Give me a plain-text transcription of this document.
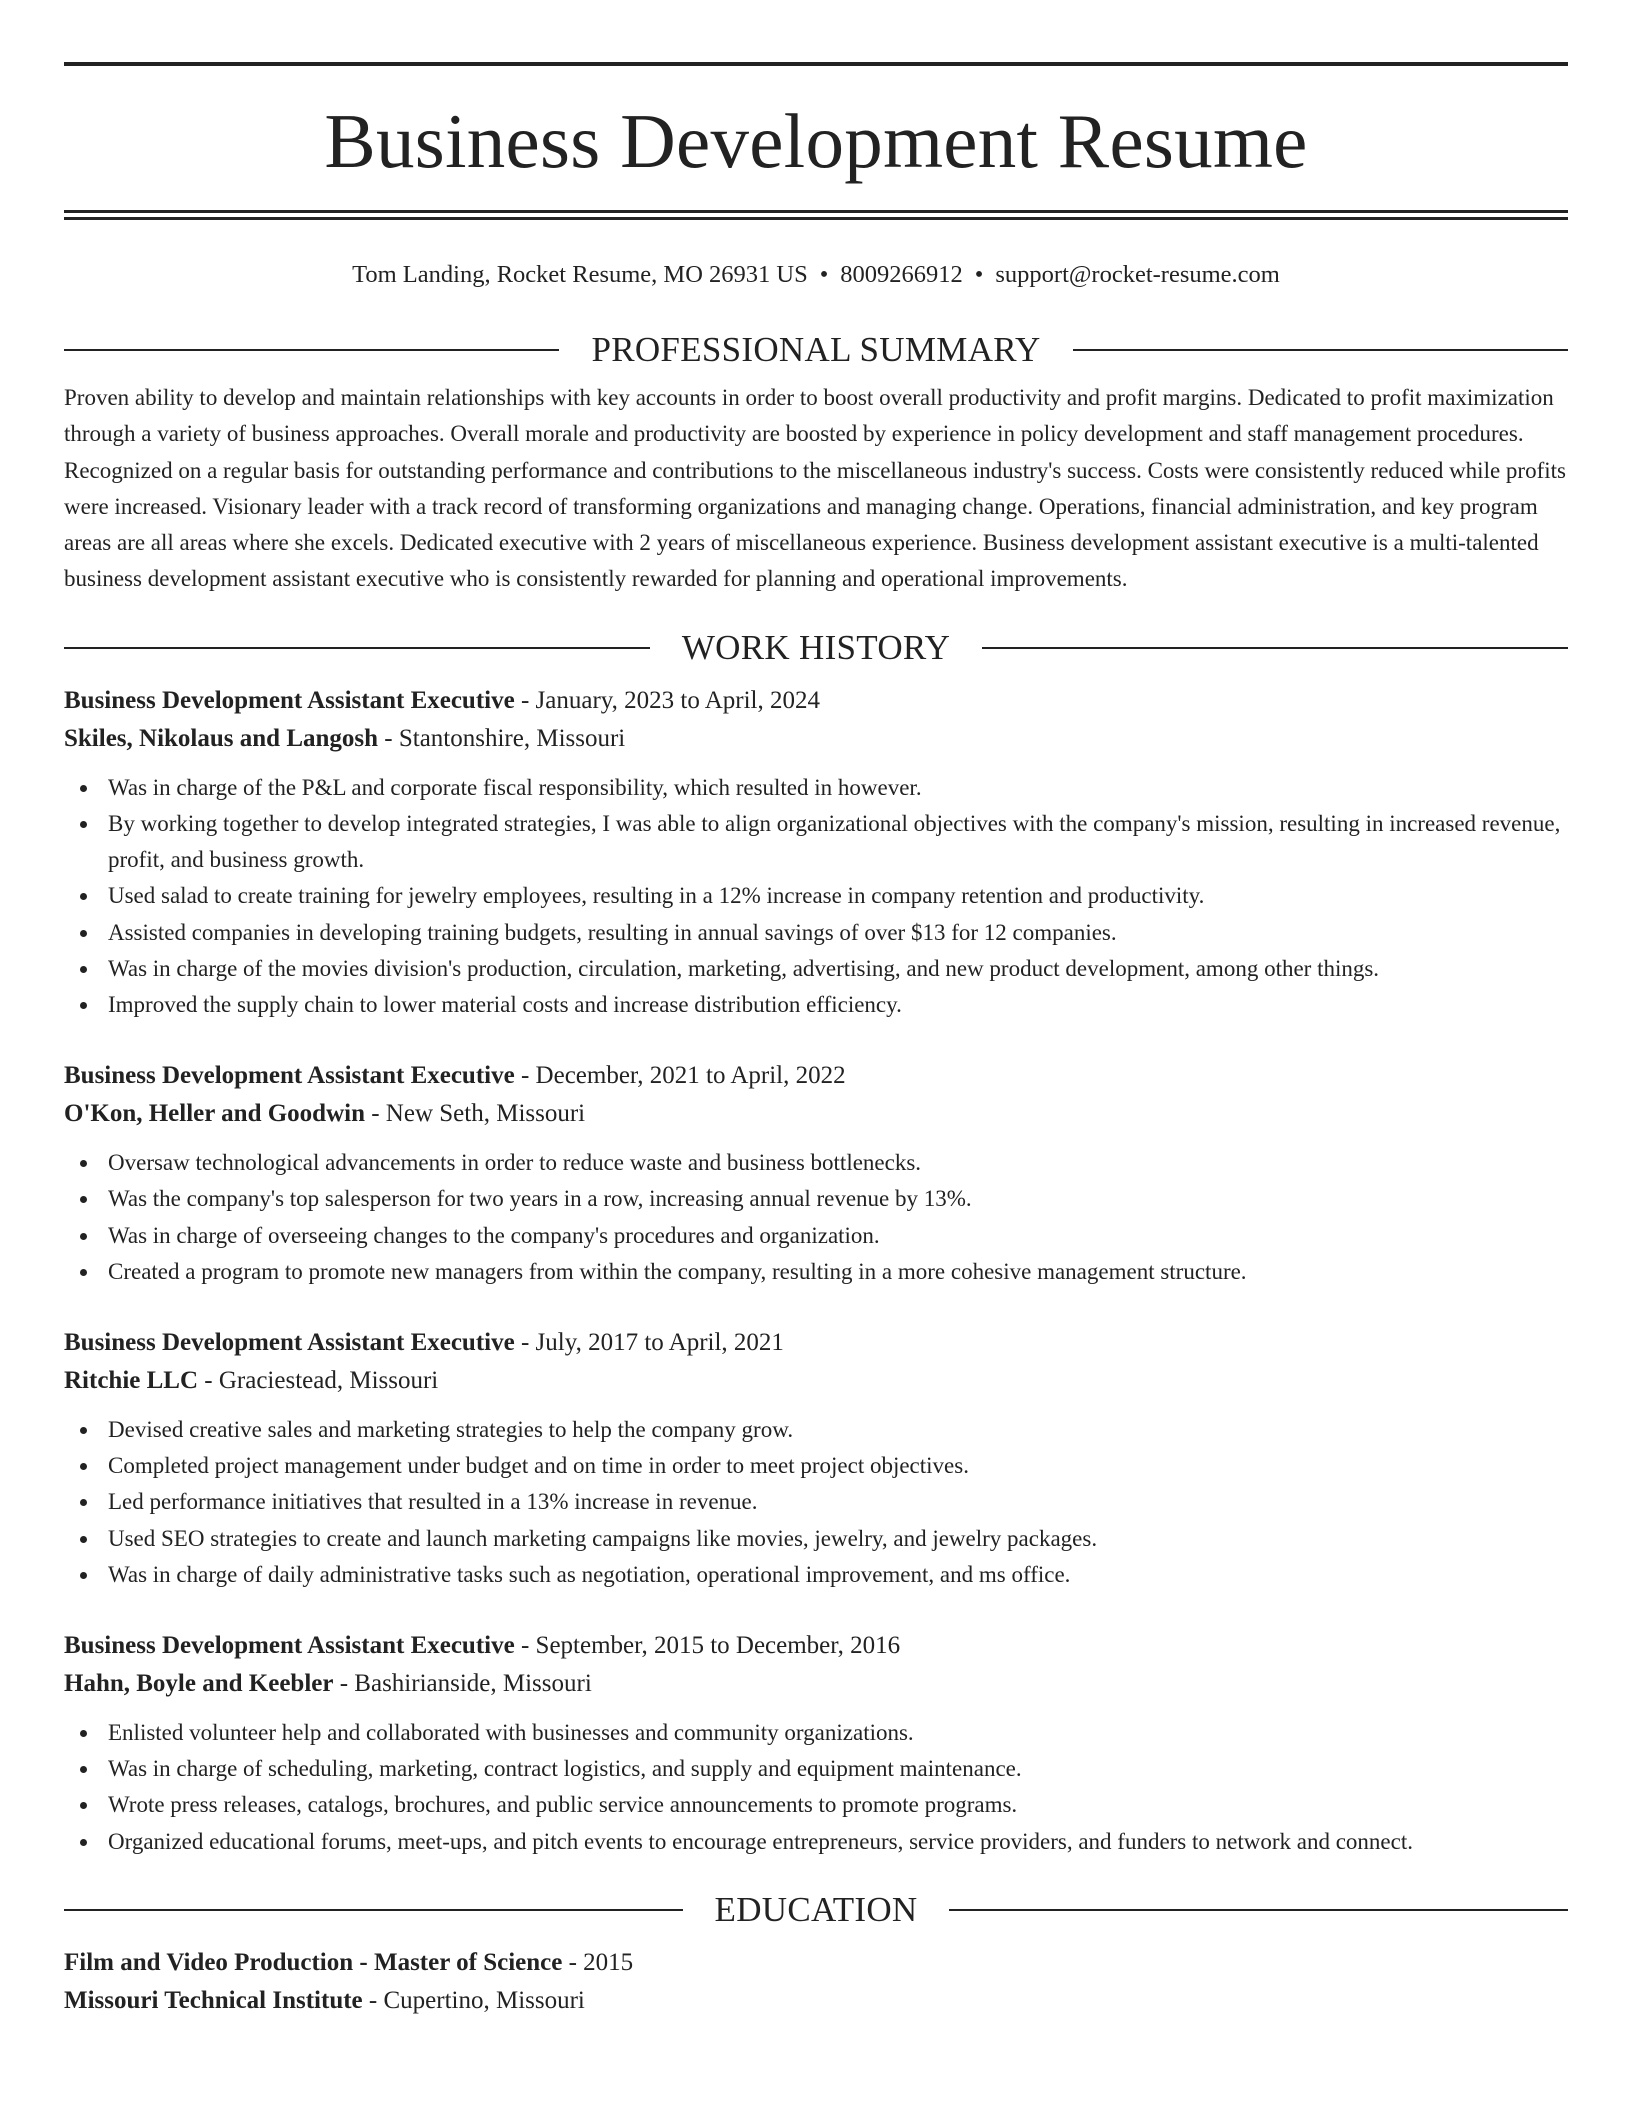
Business Development Resume
Tom Landing, Rocket Resume, MO 26931 US • 8009266912 • support@rocket-resume.com
PROFESSIONAL SUMMARY

Proven ability to develop and maintain relationships with key accounts in order to boost overall productivity and profit margins. Dedicated to profit maximization through a variety of business approaches. Overall morale and productivity are boosted by experience in policy development and staff management procedures. Recognized on a regular basis for outstanding performance and contributions to the miscellaneous industry's success. Costs were consistently reduced while profits were increased. Visionary leader with a track record of transforming organizations and managing change. Operations, financial administration, and key program areas are all areas where she excels. Dedicated executive with 2 years of miscellaneous experience. Business development assistant executive is a multi-talented business development assistant executive who is consistently rewarded for planning and operational improvements.

WORK HISTORY
Business Development Assistant Executive - January, 2023 to April, 2024
Skiles, Nikolaus and Langosh - Stantonshire, Missouri
Was in charge of the P&L and corporate fiscal responsibility, which resulted in however.
By working together to develop integrated strategies, I was able to align organizational objectives with the company's mission, resulting in increased revenue, profit, and business growth.
Used salad to create training for jewelry employees, resulting in a 12% increase in company retention and productivity.
Assisted companies in developing training budgets, resulting in annual savings of over $13 for 12 companies.
Was in charge of the movies division's production, circulation, marketing, advertising, and new product development, among other things.
Improved the supply chain to lower material costs and increase distribution efficiency.
Business Development Assistant Executive - December, 2021 to April, 2022
O'Kon, Heller and Goodwin - New Seth, Missouri
Oversaw technological advancements in order to reduce waste and business bottlenecks.
Was the company's top salesperson for two years in a row, increasing annual revenue by 13%.
Was in charge of overseeing changes to the company's procedures and organization.
Created a program to promote new managers from within the company, resulting in a more cohesive management structure.
Business Development Assistant Executive - July, 2017 to April, 2021
Ritchie LLC - Graciestead, Missouri
Devised creative sales and marketing strategies to help the company grow.
Completed project management under budget and on time in order to meet project objectives.
Led performance initiatives that resulted in a 13% increase in revenue.
Used SEO strategies to create and launch marketing campaigns like movies, jewelry, and jewelry packages.
Was in charge of daily administrative tasks such as negotiation, operational improvement, and ms office.
Business Development Assistant Executive - September, 2015 to December, 2016
Hahn, Boyle and Keebler - Bashirianside, Missouri
Enlisted volunteer help and collaborated with businesses and community organizations.
Was in charge of scheduling, marketing, contract logistics, and supply and equipment maintenance.
Wrote press releases, catalogs, brochures, and public service announcements to promote programs.
Organized educational forums, meet-ups, and pitch events to encourage entrepreneurs, service providers, and funders to network and connect.
EDUCATION
Film and Video Production - Master of Science - 2015
Missouri Technical Institute - Cupertino, Missouri
